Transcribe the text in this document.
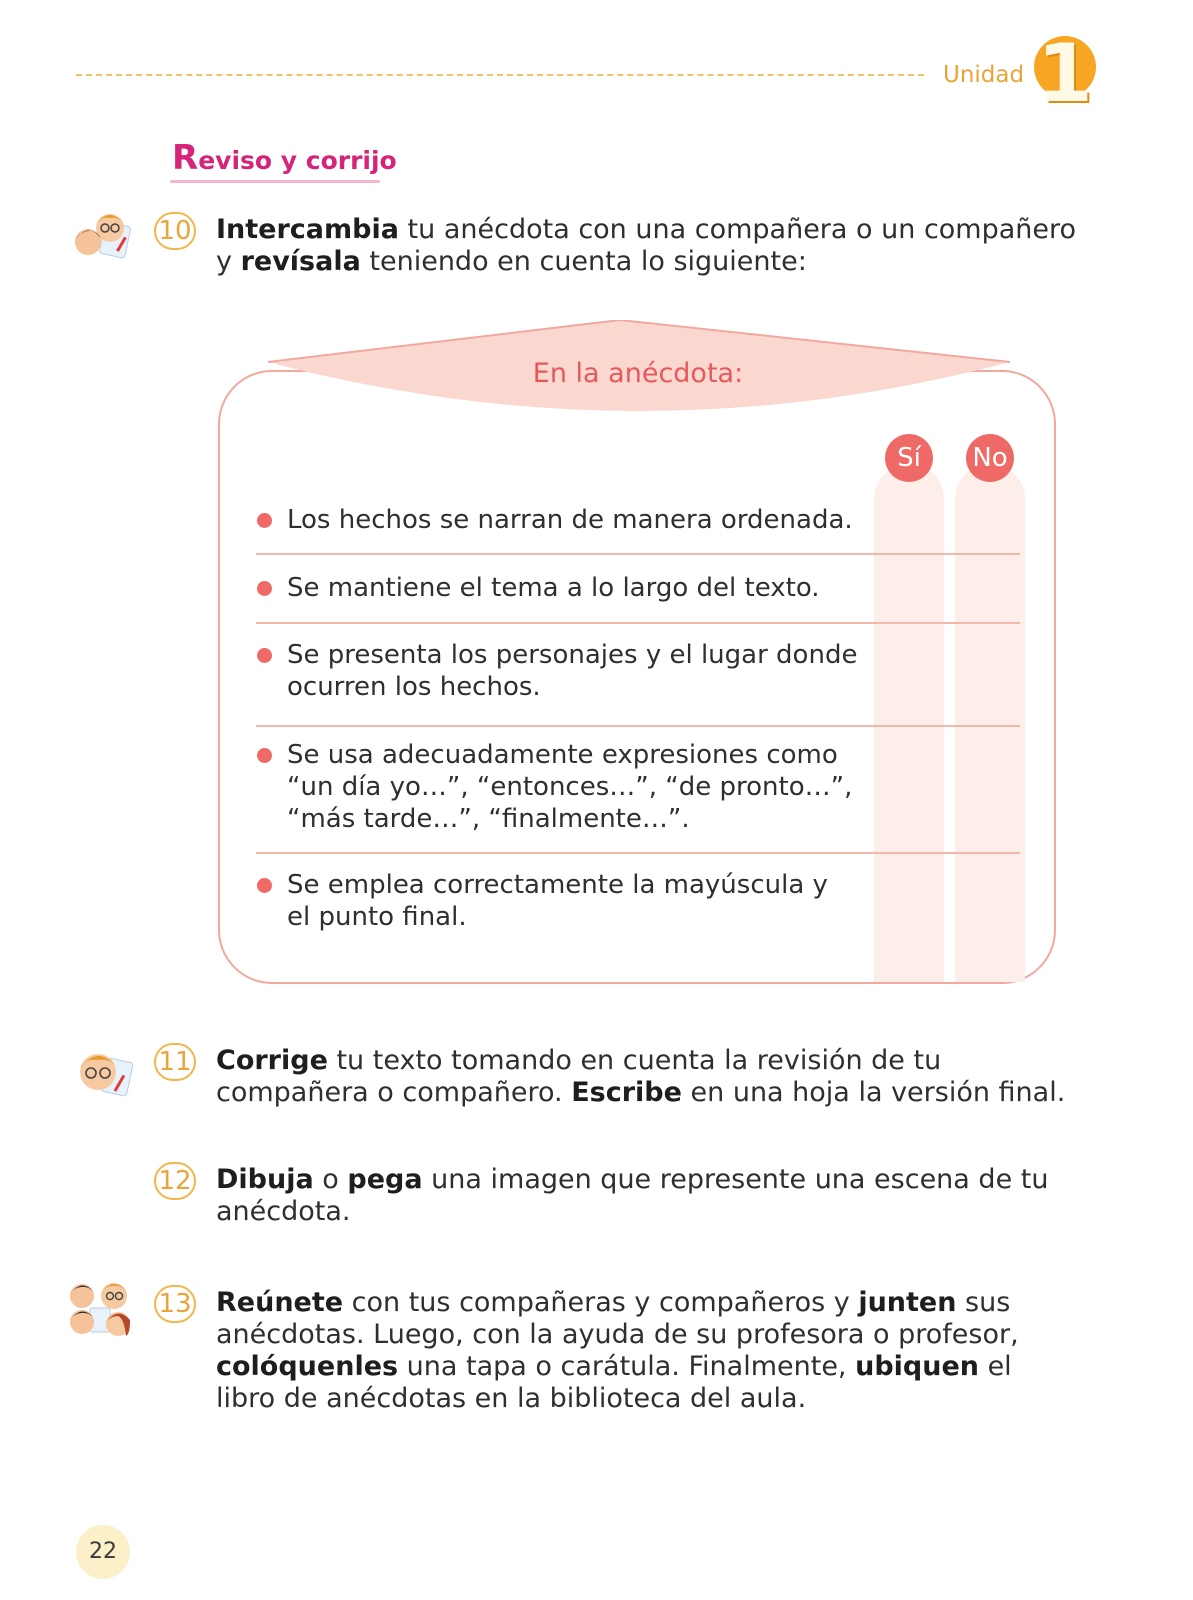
Unidad 1
Reviso y corrijo
10 Intercambia tu anécdota con una compañera o un compañero y revísala teniendo en cuenta lo siguiente:
En la anécdota:
Sí	No
Los hechos se narran de manera ordenada.
Se mantiene el tema a lo largo del texto.
Se presenta los personajes y el lugar donde ocurren los hechos.
Se usa adecuadamente expresiones como “un día yo…”, “entonces…”, “de pronto…”, “más tarde…”, “finalmente…”.
Se emplea correctamente la mayúscula y el punto final.
11 Corrige tu texto tomando en cuenta la revisión de tu compañera o compañero. Escribe en una hoja la versión final.
12 Dibuja o pega una imagen que represente una escena de tu anécdota.
13 Reúnete con tus compañeras y compañeros y junten sus anécdotas. Luego, con la ayuda de su profesora o profesor, colóquenles una tapa o carátula. Finalmente, ubiquen el libro de anécdotas en la biblioteca del aula.
22
